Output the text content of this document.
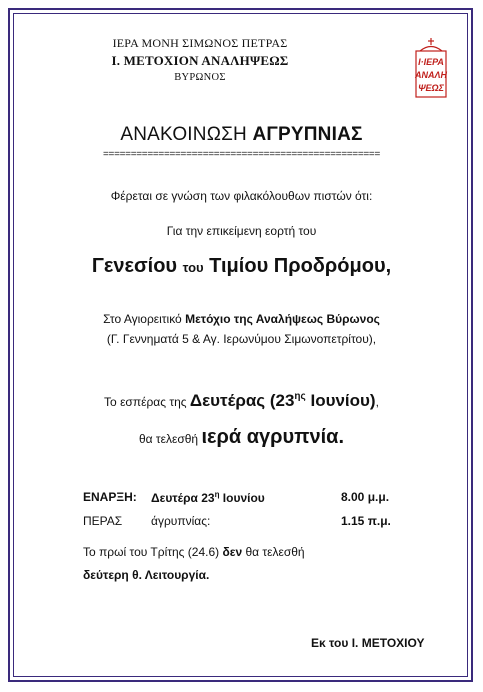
ΙΕΡΑ ΜΟΝΗ ΣΙΜΩΝΟΣ ΠΕΤΡΑΣ
Ι. ΜΕΤΟΧΙΟΝ ΑΝΑΛΗΨΕΩΣ
ΒΥΡΩΝΟΣ
Ι·ΙΕΡΑ
ΑΝΑΛΗ
ΨΕΩΣ
ΑΝΑΚΟΙΝΩΣΗ ΑΓΡΥΠΝΙΑΣ
==================================================
Φέρεται σε γνώση των φιλακόλουθων πιστών ότι:
Για την επικείμενη εορτή του
Γενεσίου του Τιμίου Προδρόμου,
Στο Αγιορειτικό Μετόχιο της Αναλήψεως Βύρωνος
(Γ. Γεννηματά 5 & Αγ. Ιερωνύμου Σιμωνοπετρίτου),
Το εσπέρας της Δευτέρας ($23^{\eta\varsigma}$ Ιουνίου),
θα τελεσθή ιερά αγρυπνία.
ΕΝΑΡΞΗ: Δευτέρα $23^\eta$ Ιουνίου	8.00 μ.μ.
ΠΕΡΑΣ άγρυπνίας:	1.15 π.μ.
Το πρωί του Τρίτης (24.6) δεν θα τελεσθή
δεύτερη θ. Λειτουργία.
Εκ του Ι. ΜΕΤΟΧΙΟΥ
